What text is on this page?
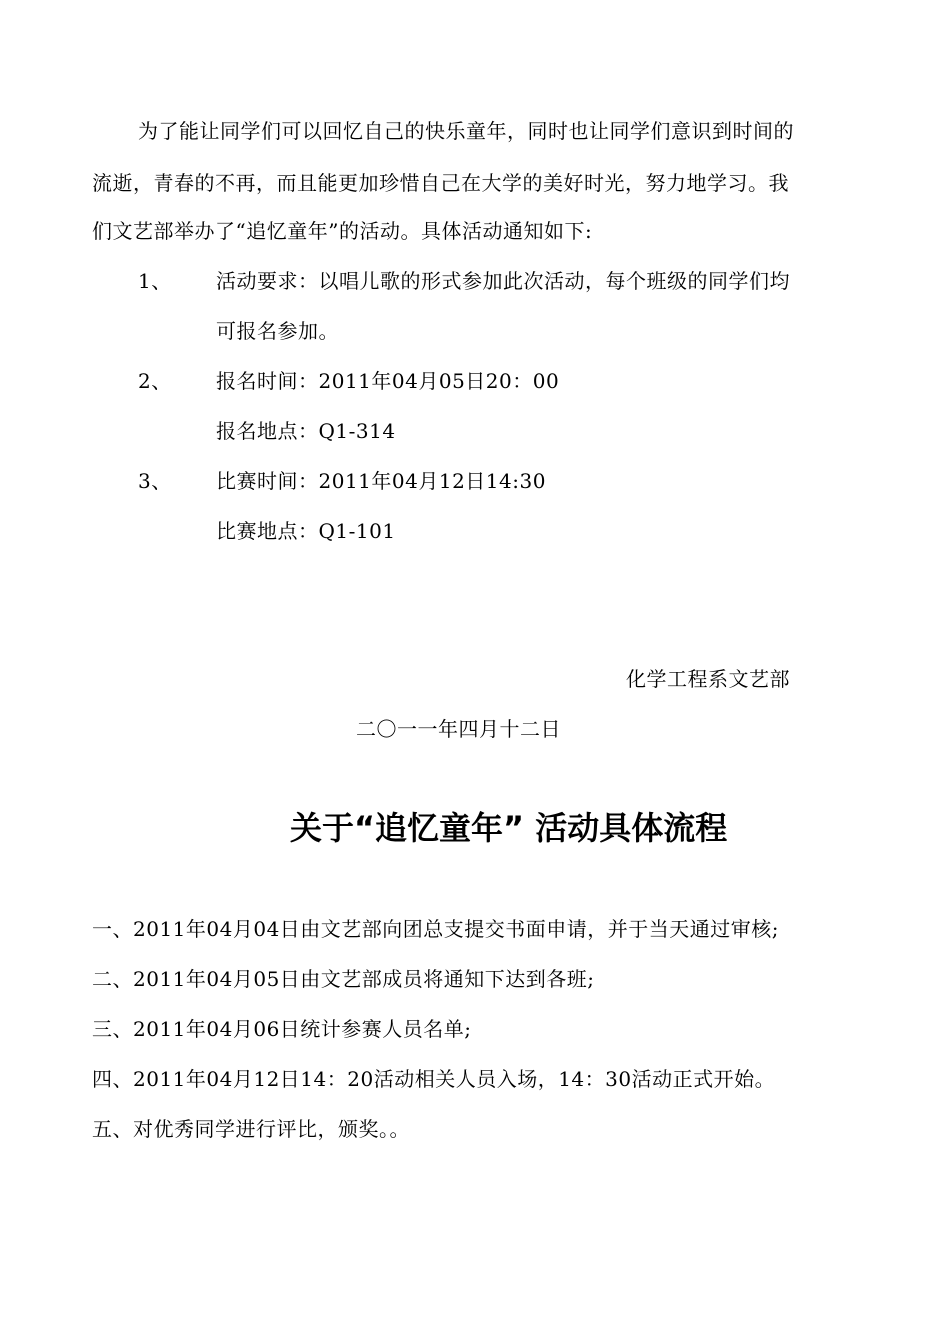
为了能让同学们可以回忆自己的快乐童年，同时也让同学们意识到时间的
流逝，青春的不再，而且能更加珍惜自己在大学的美好时光，努力地学习。我
们文艺部举办了“追忆童年”的活动。具体活动通知如下:
1、 活动要求：以唱儿歌的形式参加此次活动，每个班级的同学们均
可报名参加。
2、 报名时间：2011年04月05日20：00
报名地点：Q1-314
3、 比赛时间：2011年04月12日14:30
比赛地点：Q1-101
化学工程系文艺部
二〇一一年四月十二日
关于“追忆童年” 活动具体流程
一、2011年04月04日由文艺部向团总支提交书面申请，并于当天通过审核;
二、2011年04月05日由文艺部成员将通知下达到各班;
三、2011年04月06日统计参赛人员名单;
四、2011年04月12日14：20活动相关人员入场，14：30活动正式开始。
五、对优秀同学进行评比，颁奖。。
